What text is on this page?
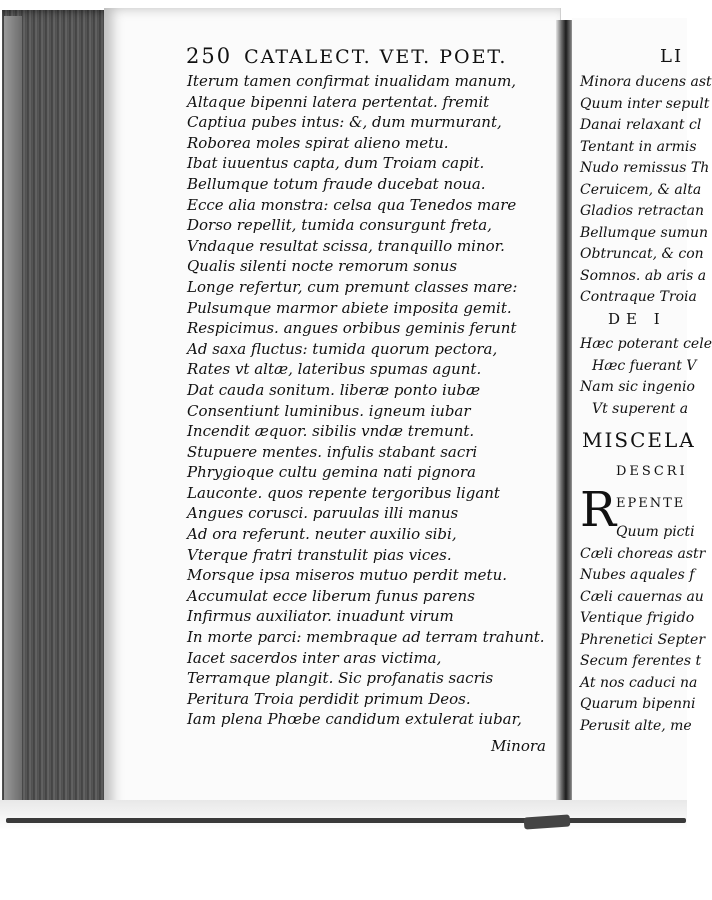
LI
Minora ducens ast
Quum inter sepult
Danai relaxant cl
Tentant in armis
Nudo remissus Th
Ceruicem, & alta
Gladios retractan
Bellumque sumun
Obtruncat, & con
Somnos. ab aris a
Contraque Troia
DE I
Hæc poterant cele
Hæc fuerant V
Nam sic ingenio
Vt superent a
MISCELA
DESCRI
R EPENTE
Quum picti
Cæli choreas astr
Nubes aquales f
Cæli cauernas au
Ventique frigido
Phrenetici Septer
Secum ferentes t
At nos caduci na
Quarum bipenni
Perusit alte, me
250 CATALECT. VET. POET.
Iterum tamen confirmat inualidam manum,
Altaque bipenni latera pertentat. fremit
Captiua pubes intus: &, dum murmurant,
Roborea moles spirat alieno metu.
Ibat iuuentus capta, dum Troiam capit.
Bellumque totum fraude ducebat noua.
Ecce alia monstra: celsa qua Tenedos mare
Dorso repellit, tumida consurgunt freta,
Vndaque resultat scissa, tranquillo minor.
Qualis silenti nocte remorum sonus
Longe refertur, cum premunt classes mare:
Pulsumque marmor abiete imposita gemit.
Respicimus. angues orbibus geminis ferunt
Ad saxa fluctus: tumida quorum pectora,
Rates vt altæ, lateribus spumas agunt.
Dat cauda sonitum. liberæ ponto iubæ
Consentiunt luminibus. igneum iubar
Incendit æquor. sibilis vndæ tremunt.
Stupuere mentes. infulis stabant sacri
Phrygioque cultu gemina nati pignora
Lauconte. quos repente tergoribus ligant
Angues corusci. paruulas illi manus
Ad ora referunt. neuter auxilio sibi,
Vterque fratri transtulit pias vices.
Morsque ipsa miseros mutuo perdit metu.
Accumulat ecce liberum funus parens
Infirmus auxiliator. inuadunt virum
In morte parci: membraque ad terram trahunt.
Iacet sacerdos inter aras victima,
Terramque plangit. Sic profanatis sacris
Peritura Troia perdidit primum Deos.
Iam plena Phœbe candidum extulerat iubar,
Minora
